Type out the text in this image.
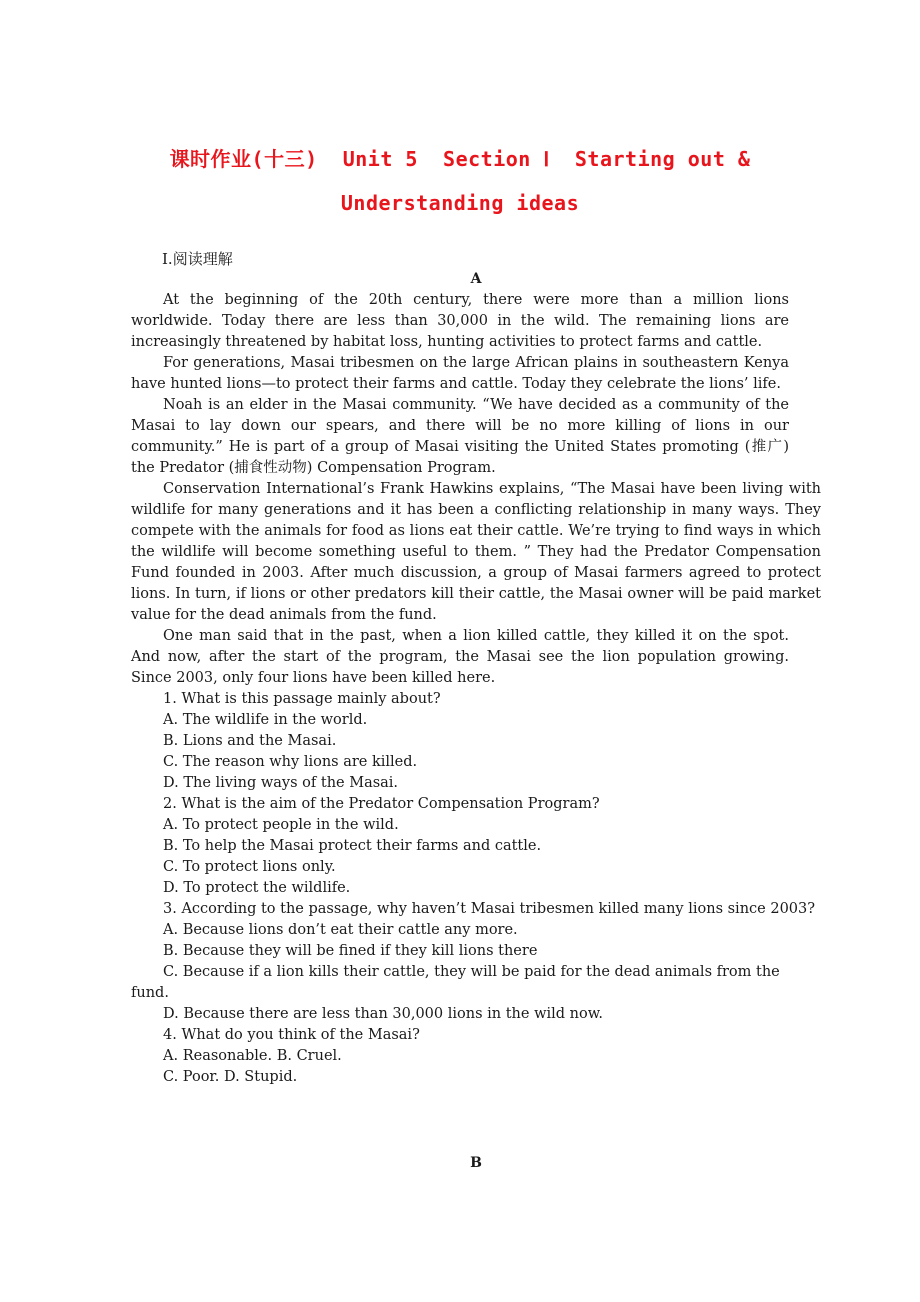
课时作业(十三)  Unit 5  Section Ⅰ  Starting out &
Understanding ideas
Ⅰ.阅读理解
A

At the beginning of the 20th century, there were more than a million lions worldwide. Today there are less than 30,000 in the wild. The remaining lions are increasingly threatened by habitat loss, hunting activities to protect farms and cattle.

For generations, Masai tribesmen on the large African plains in southeastern Kenya have hunted lions—to protect their farms and cattle. Today they celebrate the lions’ life.

Noah is an elder in the Masai community. “We have decided as a community of the Masai to lay down our spears, and there will be no more killing of lions in our community.” He is part of a group of Masai visiting the United States promoting (推广) the Predator (捕食性动物) Compensation Program.

Conservation International’s Frank Hawkins explains, “The Masai have been living with wildlife for many generations and it has been a conflicting relationship in many ways. They compete with the animals for food as lions eat their cattle. We’re trying to find ways in which the wildlife will become something useful to them. ” They had the Predator Compensation Fund founded in 2003. After much discussion, a group of Masai farmers agreed to protect lions. In turn, if lions or other predators kill their cattle, the Masai owner will be paid market value for the dead animals from the fund.

One man said that in the past, when a lion killed cattle, they killed it on the spot. And now, after the start of the program, the Masai see the lion population growing. Since 2003, only four lions have been killed here.

1. What is this passage mainly about?

A. The wildlife in the world.

B. Lions and the Masai.

C. The reason why lions are killed.

D. The living ways of the Masai.

2. What is the aim of the Predator Compensation Program?

A. To protect people in the wild.

B. To help the Masai protect their farms and cattle.

C. To protect lions only.

D. To protect the wildlife.

3. According to the passage, why haven’t Masai tribesmen killed many lions since 2003?

A. Because lions don’t eat their cattle any more.

B. Because they will be fined if they kill lions there

C. Because if a lion kills their cattle, they will be paid for the dead animals from the fund.

D. Because there are less than 30,000 lions in the wild now.

4. What do you think of the Masai?

A. Reasonable. B. Cruel.

C. Poor. D. Stupid.

B
